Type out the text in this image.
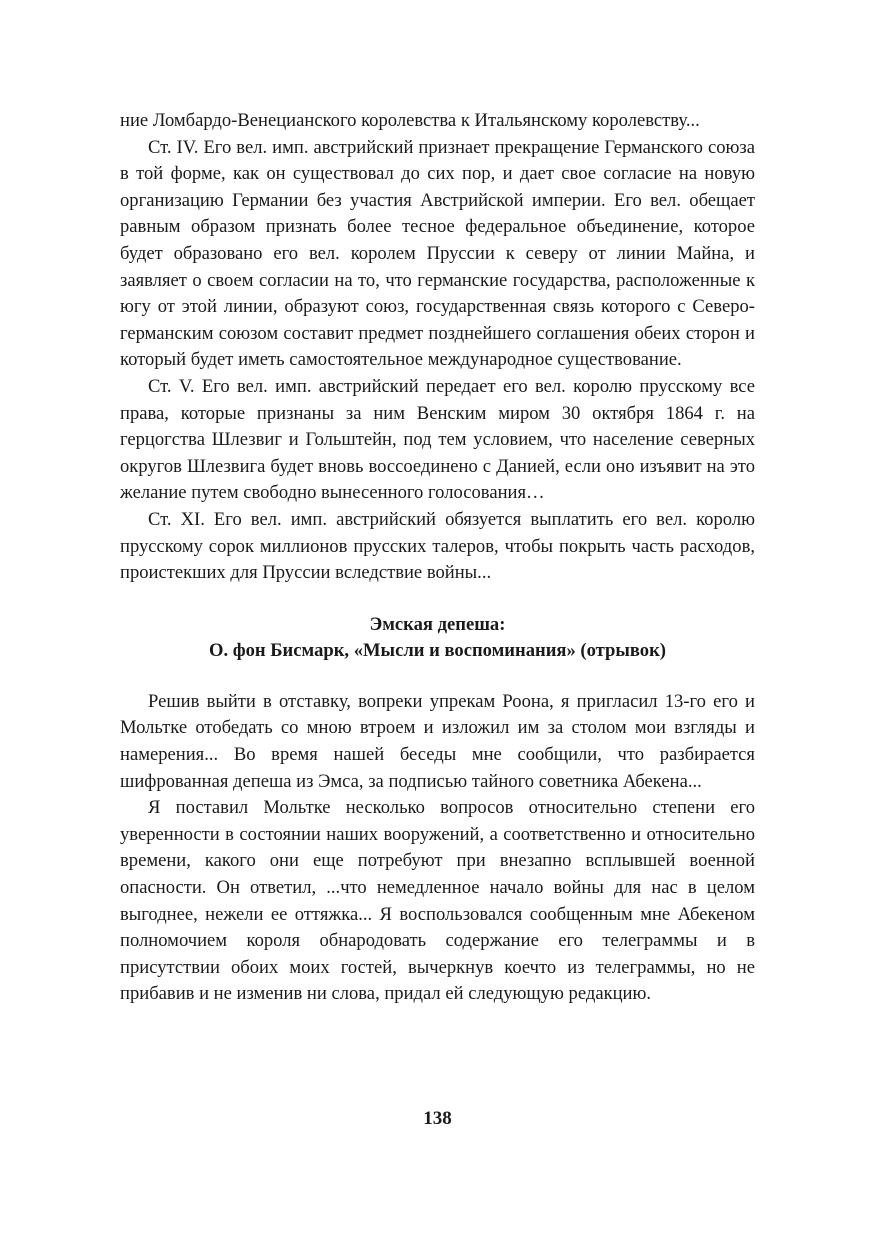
ние Ломбардо-Венецианского королевства к Итальянскому королевству...

Ст. IV. Его вел. имп. австрийский признает прекращение Германского союза в той форме, как он существовал до сих пор, и дает свое согласие на новую организацию Германии без участия Австрийской империи. Его вел. обещает равным образом признать более тесное федеральное объединение, которое будет образовано его вел. королем Пруссии к северу от линии Майна, и заявляет о своем согласии на то, что германские государства, расположенные к югу от этой линии, образуют союз, государственная связь которого с Северо-германским союзом составит предмет позднейшего соглашения обеих сторон и который будет иметь самостоятельное международное существование.

Ст. V. Его вел. имп. австрийский передает его вел. королю прусскому все права, которые признаны за ним Венским миром 30 октября 1864 г. на герцогства Шлезвиг и Гольштейн, под тем условием, что население северных округов Шлезвига будет вновь воссоединено с Данией, если оно изъявит на это желание путем свободно вынесенного голосования…

Ст. XI. Его вел. имп. австрийский обязуется выплатить его вел. королю прусскому сорок миллионов прусских талеров, чтобы покрыть часть расходов, проистекших для Пруссии вследствие войны...

Эмская депеша:

О. фон Бисмарк, «Мысли и воспоминания» (отрывок)

Решив выйти в отставку, вопреки упрекам Роона, я пригласил 13-го его и Мольтке отобедать со мною втроем и изложил им за столом мои взгляды и намерения... Во время нашей беседы мне сообщили, что разбирается шифрованная депеша из Эмса, за подписью тайного советника Абекена...

Я поставил Мольтке несколько вопросов относительно степени его уверенности в состоянии наших вооружений, а соответственно и относительно времени, какого они еще потребуют при внезапно всплывшей военной опасности. Он ответил, ...что немедленное начало войны для нас в целом выгоднее, нежели ее оттяжка... Я воспользовался сообщенным мне Абекеном полномочием короля обнародовать содержание его телеграммы и в присутствии обоих моих гостей, вычеркнув коечто из телеграммы, но не прибавив и не изменив ни слова, придал ей следующую редакцию.

138
